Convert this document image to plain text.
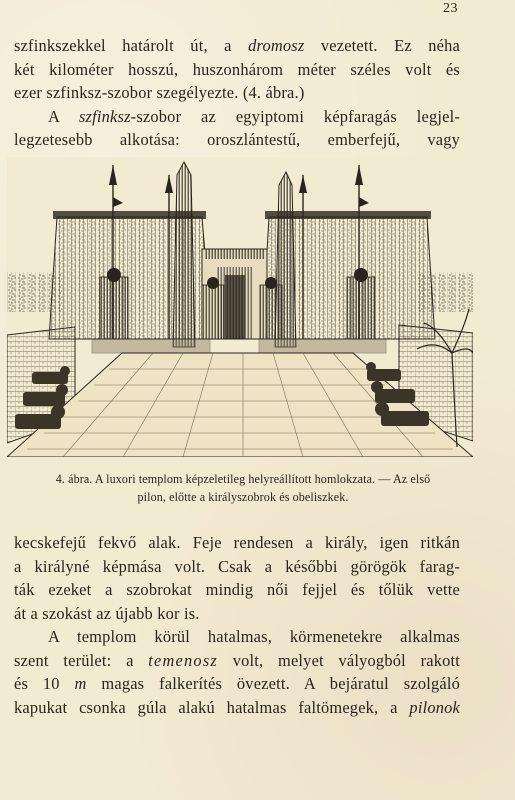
23
szfinkszekkel határolt út, a dromosz vezetett. Ez néha
két kilométer hosszú, huszonhárom méter széles volt és
ezer szfinksz-szobor szegélyezte. (4. ábra.)
A szfinksz-szobor az egyiptomi képfaragás legjel-
legzetesebb alkotása: oroszlántestű, emberfejű, vagy
4. ábra. A luxori templom képzeletileg helyreállított homlokzata. — Az első
pilon, előtte a királyszobrok és obeliszkek.
kecskefejű fekvő alak. Feje rendesen a király, igen ritkán
a királyné képmása volt. Csak a későbbi görögök farag-
ták ezeket a szobrokat mindig női fejjel és tőlük vette
át a szokást az újabb kor is.
A templom körül hatalmas, körmenetekre alkalmas
szent terület: a temenosz volt, melyet vályogból rakott
és 10 m magas falkerítés övezett. A bejáratul szolgáló
kapukat csonka gúla alakú hatalmas faltömegek, a pilonok
